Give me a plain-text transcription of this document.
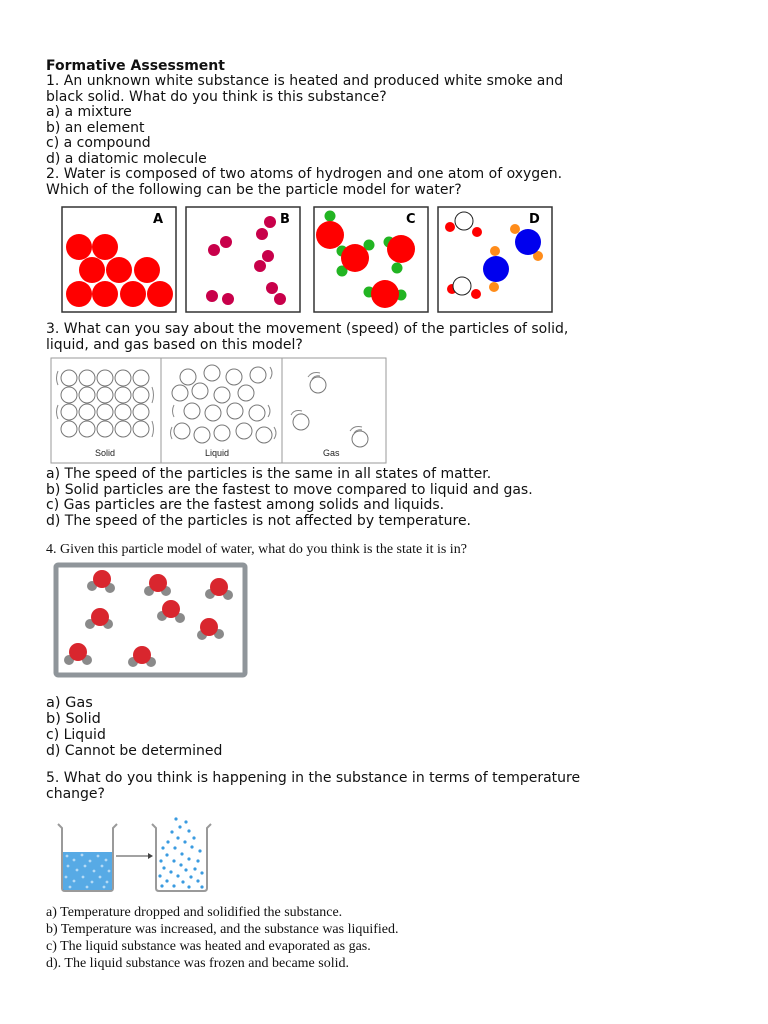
Formative Assessment
1. An unknown white substance is heated and produced white smoke and
black solid. What do you think is this substance?
a) a mixture
b) an element
c) a compound
d) a diatomic molecule
2. Water is composed of two atoms of hydrogen and one atom of oxygen.
Which of the following can be the particle model for water?
A	B	C	D
3. What can you say about the movement (speed) of the particles of solid,
liquid, and gas based on this model?
Solid	Liquid	Gas
a) The speed of the particles is the same in all states of matter.
b) Solid particles are the fastest to move compared to liquid and gas.
c) Gas particles are the fastest among solids and liquids.
d) The speed of the particles is not affected by temperature.
4. Given this particle model of water, what do you think is the state it is in?
a) Gas
b) Solid
c) Liquid
d) Cannot be determined
5. What do you think is happening in the substance in terms of temperature
change?
a) Temperature dropped and solidified the substance.
b) Temperature was increased, and the substance was liquified.
c) The liquid substance was heated and evaporated as gas.
d). The liquid substance was frozen and became solid.
